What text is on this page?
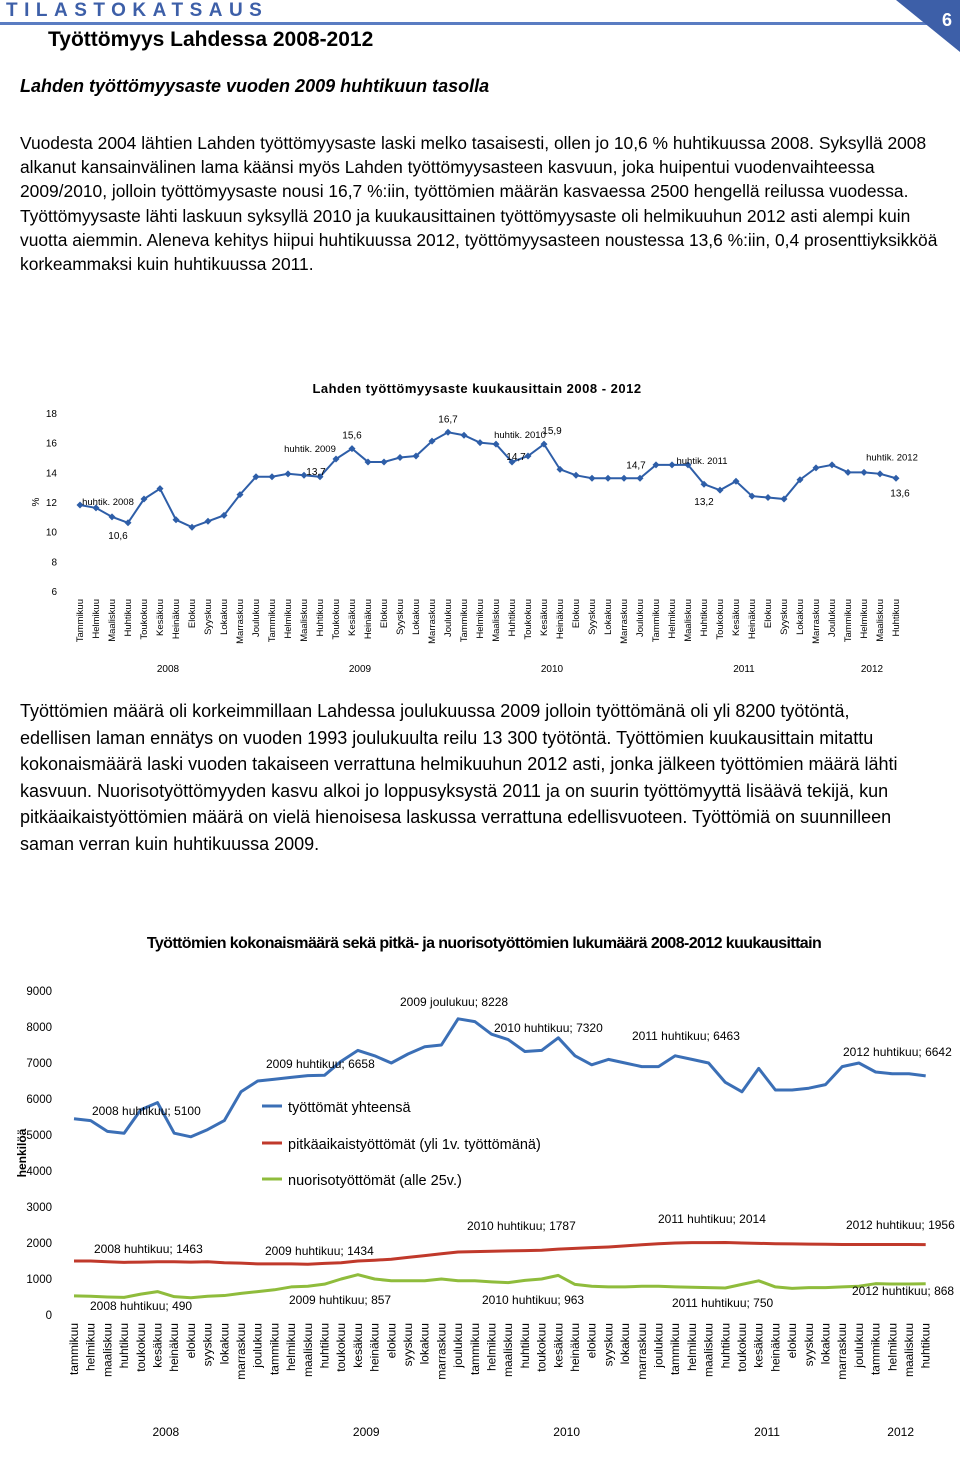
TILASTOKATSAUS	6
Työttömyys Lahdessa 2008-2012
Lahden työttömyysaste vuoden 2009 huhtikuun tasolla

Vuodesta 2004 lähtien Lahden työttömyysaste laski melko tasaisesti, ollen jo 10,6 % huhtikuussa 2008. Syksyllä 2008 alkanut kansainvälinen lama käänsi myös Lahden työttömyysasteen kasvuun, joka huipentui vuodenvaihteessa 2009/2010, jolloin työttömyysaste nousi 16,7 %:iin, työttömien määrän kasvaessa 2500 hengellä reilussa vuodessa. Työttömyysaste lähti laskuun syksyllä 2010 ja kuukausittainen työttömyysaste oli helmikuuhun 2012 asti alempi kuin vuotta aiemmin. Aleneva kehitys hiipui huhtikuussa 2012, työttömyysasteen noustessa 13,6 %:iin, 0,4 prosenttiyksikköä korkeammaksi kuin huhtikuussa 2011.

Lahden työttömyysaste kuukausittain 2008 - 2012
6
8
10
12
14
16
18
%	huhtik. 2008
10,6
huhtik. 2009
13,7
15,6
16,7
huhtik. 2010
14,7
15,9
14,7	huhtik. 2011
13,2
huhtik. 2012
13,6
Tammikuu Helmikuu Maaliskuu Huhtikuu Toukokuu Kesäkuu Heinäkuu Elokuu Syyskuu Lokakuu Marraskuu Joulukuu Tammikuu Helmikuu Maaliskuu Huhtikuu Toukokuu Kesäkuu Heinäkuu Elokuu Syyskuu Lokakuu Marraskuu Joulukuu Tammikuu Helmikuu Maaliskuu Huhtikuu Toukokuu Kesäkuu Heinäkuu Elokuu Syyskuu Lokakuu Marraskuu Joulukuu Tammikuu Helmikuu Maaliskuu Huhtikuu Toukokuu Kesäkuu Heinäkuu Elokuu Syyskuu Lokakuu Marraskuu Joulukuu Tammikuu Helmikuu Maaliskuu Huhtikuu
2008	2009	2010	2011	2012

Työttömien määrä oli korkeimmillaan Lahdessa joulukuussa 2009 jolloin työttömänä oli yli 8200 työtöntä, edellisen laman ennätys on vuoden 1993 joulukuulta reilu 13 300 työtöntä. Työttömien kuukausittain mitattu kokonaismäärä laski vuoden takaiseen verrattuna helmikuuhun 2012 asti, jonka jälkeen työttömien määrä lähti kasvuun. Nuorisotyöttömyyden kasvu alkoi jo loppusyksystä 2011 ja on suurin työttömyyttä lisäävä tekijä, kun pitkäaikaistyöttömien määrä on vielä hienoisesa laskussa verrattuna edellisvuoteen. Työttömiä on suunnilleen saman verran kuin huhtikuussa 2009.

Työttömien kokonaismäärä sekä pitkä- ja nuorisotyöttömien lukumäärä 2008-2012 kuukausittain
0
1000
2000
3000
4000
5000
6000
7000
8000
9000
henkilöä
työttömät yhteensä
pitkäaikaistyöttömät (yli 1v. työttömänä)
nuorisotyöttömät (alle 25v.)
2008 huhtikuu; 5100
2009 huhtikuu; 6658
2009 joulukuu; 8228
2010 huhtikuu; 7320
2011 huhtikuu; 6463
2012 huhtikuu; 6642
2008 huhtikuu; 1463	2009 huhtikuu; 1434
2010 huhtikuu; 1787	2011 huhtikuu; 2014	2012 huhtikuu; 1956
2008 huhtikuu; 490	2009 huhtikuu; 857	2010 huhtikuu; 963	2011 huhtikuu; 750
2012 huhtikuu; 868
tammikuu helmikuu maaliskuu huhtikuu toukokuu kesäkuu heinäkuu elokuu syyskuu lokakuu marraskuu joulukuu tammikuu helmikuu maaliskuu huhtikuu toukokuu kesäkuu heinäkuu elokuu syyskuu lokakuu marraskuu joulukuu tammikuu helmikuu maaliskuu huhtikuu toukokuu kesäkuu heinäkuu elokuu syyskuu lokakuu marraskuu joulukuu tammikuu helmikuu maaliskuu huhtikuu toukokuu kesäkuu heinäkuu elokuu syyskuu lokakuu marraskuu joulukuu tammikuu helmikuu maaliskuu huhtikuu
2008	2009	2010	2011	2012
